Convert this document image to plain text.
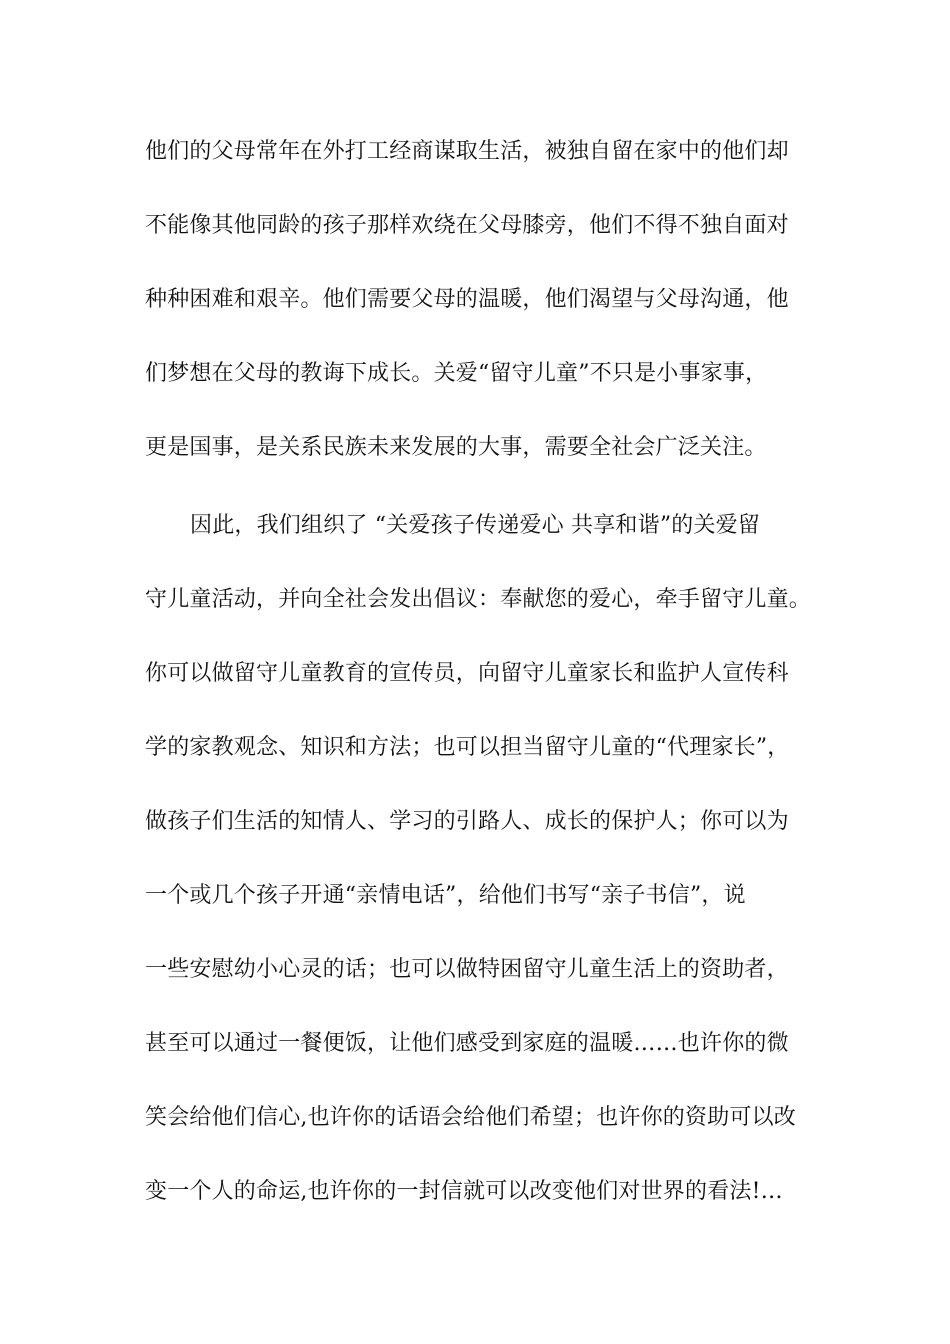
他们的父母常年在外打工经商谋取生活，被独自留在家中的他们却
不能像其他同龄的孩子那样欢绕在父母膝旁，他们不得不独自面对
种种困难和艰辛。他们需要父母的温暖，他们渴望与父母沟通，他
们梦想在父母的教诲下成长。关爱“留守儿童”不只是小事家事，
更是国事，是关系民族未来发展的大事，需要全社会广泛关注。
因此，我们组织了 “关爱孩子传递爱心 共享和谐”的关爱留
守儿童活动，并向全社会发出倡议：奉献您的爱心，牵手留守儿童。
你可以做留守儿童教育的宣传员，向留守儿童家长和监护人宣传科
学的家教观念、知识和方法；也可以担当留守儿童的“代理家长”，
做孩子们生活的知情人、学习的引路人、成长的保护人；你可以为
一个或几个孩子开通“亲情电话”，给他们书写“亲子书信”，说
一些安慰幼小心灵的话；也可以做特困留守儿童生活上的资助者，
甚至可以通过一餐便饭，让他们感受到家庭的温暖……也许你的微
笑会给他们信心,也许你的话语会给他们希望；也许你的资助可以改
变一个人的命运,也许你的一封信就可以改变他们对世界的看法!…
